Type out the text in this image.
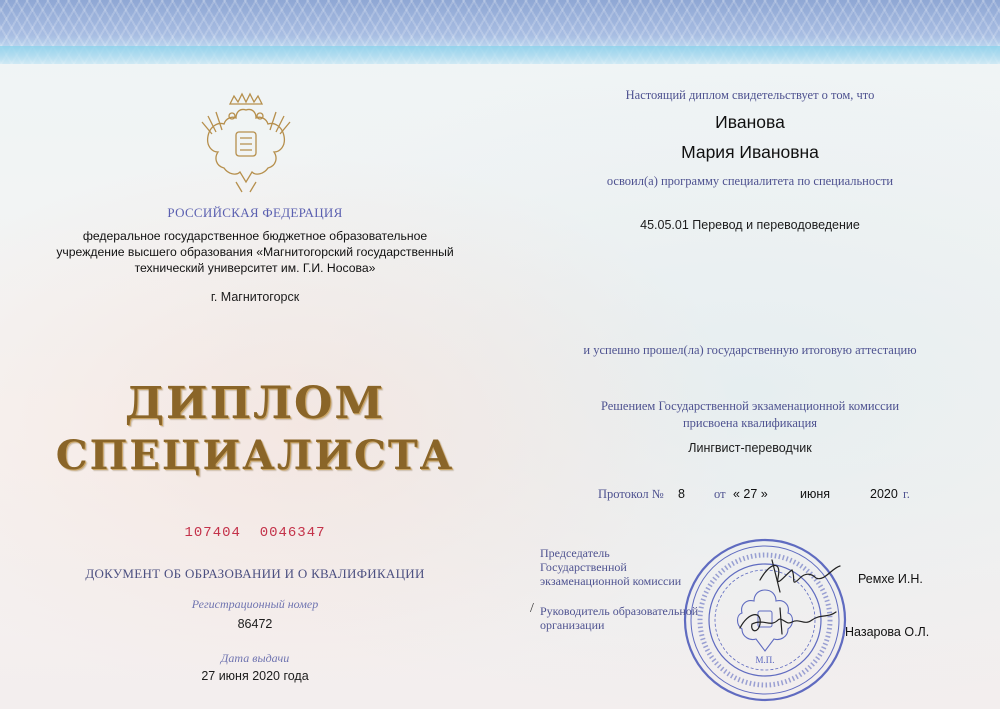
РОССИЙСКАЯ ФЕДЕРАЦИЯ
федеральное государственное бюджетное образовательное
учреждение высшего образования «Магнитогорский государственный
технический университет им. Г.И. Носова»
г. Магнитогорск
ДИПЛОМ
СПЕЦИАЛИСТА
107404  0046347
ДОКУМЕНТ ОБ ОБРАЗОВАНИИ И О КВАЛИФИКАЦИИ
Регистрационный номер
86472
Дата выдачи
27 июня 2020 года
Настоящий диплом свидетельствует о том, что
Иванова
Мария Ивановна
освоил(а) программу специалитета по специальности
45.05.01 Перевод и переводоведение
и успешно прошел(ла) государственную итоговую аттестацию
Решением Государственной экзаменационной комиссии
присвоена квалификация
Лингвист-переводчик
Протокол № 8 от « 27 »	июня	2020 г.
М.П.
Председатель
Государственной
экзаменационной комиссии	Ремхе И.Н.
/ Руководитель образовательной
организации	Назарова О.Л.
